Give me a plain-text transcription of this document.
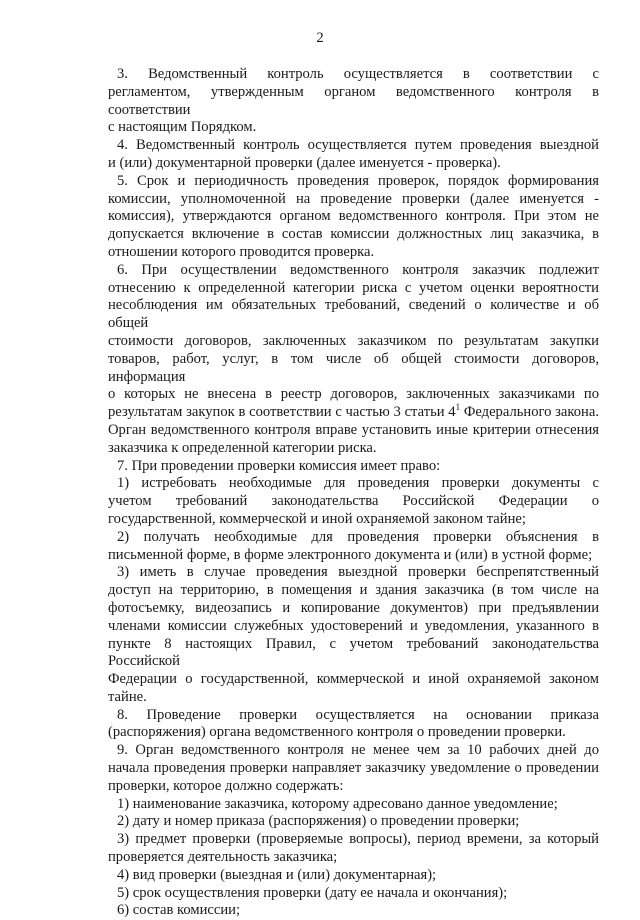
2
3. Ведомственный контроль осуществляется в соответствии с
регламентом, утвержденным органом ведомственного контроля в соответствии
с настоящим Порядком.
4. Ведомственный контроль осуществляется путем проведения выездной
и (или) документарной проверки (далее именуется - проверка).
5. Срок и периодичность проведения проверок, порядок формирования
комиссии, уполномоченной на проведение проверки (далее именуется -
комиссия), утверждаются органом ведомственного контроля. При этом не
допускается включение в состав комиссии должностных лиц заказчика, в
отношении которого проводится проверка.
6. При осуществлении ведомственного контроля заказчик подлежит
отнесению к определенной категории риска с учетом оценки вероятности
несоблюдения им обязательных требований, сведений о количестве и об общей
стоимости договоров, заключенных заказчиком по результатам закупки
товаров, работ, услуг, в том числе об общей стоимости договоров, информация
о которых не внесена в реестр договоров, заключенных заказчиками по
результатам закупок в соответствии с частью 3 статьи $4^1$ Федерального закона.
Орган ведомственного контроля вправе установить иные критерии отнесения
заказчика к определенной категории риска.
7. При проведении проверки комиссия имеет право:
1) истребовать необходимые для проведения проверки документы с
учетом требований законодательства Российской Федерации о
государственной, коммерческой и иной охраняемой законом тайне;
2) получать необходимые для проведения проверки объяснения в
письменной форме, в форме электронного документа и (или) в устной форме;
3) иметь в случае проведения выездной проверки беспрепятственный
доступ на территорию, в помещения и здания заказчика (в том числе на
фотосъемку, видеозапись и копирование документов) при предъявлении
членами комиссии служебных удостоверений и уведомления, указанного в
пункте 8 настоящих Правил, с учетом требований законодательства Российской
Федерации о государственной, коммерческой и иной охраняемой законом
тайне.
8. Проведение проверки осуществляется на основании приказа
(распоряжения) органа ведомственного контроля о проведении проверки.
9. Орган ведомственного контроля не менее чем за 10 рабочих дней до
начала проведения проверки направляет заказчику уведомление о проведении
проверки, которое должно содержать:
1) наименование заказчика, которому адресовано данное уведомление;
2) дату и номер приказа (распоряжения) о проведении проверки;
3) предмет проверки (проверяемые вопросы), период времени, за который
проверяется деятельность заказчика;
4) вид проверки (выездная и (или) документарная);
5) срок осуществления проверки (дату ее начала и окончания);
6) состав комиссии;
